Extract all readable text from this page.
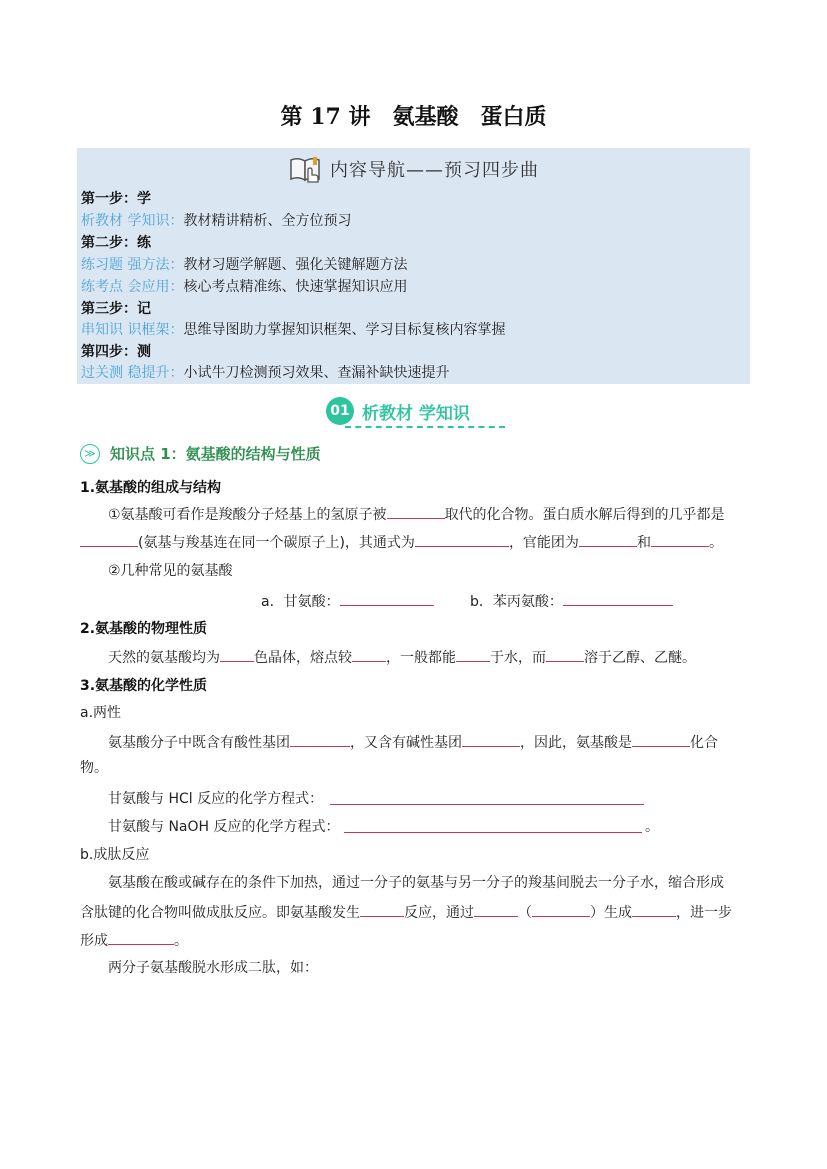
第 17 讲　氨基酸　蛋白质
内容导航——预习四步曲
第一步：学
析教材 学知识：教材精讲精析、全方位预习
第二步：练
练习题 强方法：教材习题学解题、强化关键解题方法
练考点 会应用：核心考点精准练、快速掌握知识应用
第三步：记
串知识 识框架：思维导图助力掌握知识框架、学习目标复核内容掌握
第四步：测
过关测 稳提升：小试牛刀检测预习效果、查漏补缺快速提升
01 析教材 学知识
≫ 知识点 1：氨基酸的结构与性质
1.氨基酸的组成与结构
①氨基酸可看作是羧酸分子烃基上的氢原子被	取代的化合物。蛋白质水解后得到的几乎都是
(氨基与羧基连在同一个碳原子上)，其通式为	，官能团为	和	。
②几种常见的氨基酸
a．甘氨酸：	b．苯丙氨酸：
2.氨基酸的物理性质
天然的氨基酸均为 色晶体，熔点较 ，一般都能 于水，而	溶于乙醇、乙醚。
3.氨基酸的化学性质
a.两性
氨基酸分子中既含有酸性基团	，又含有碱性基团	，因此，氨基酸是	化合
物。
甘氨酸与 HCl 反应的化学方程式：
甘氨酸与 NaOH 反应的化学方程式：	。
b.成肽反应
氨基酸在酸或碱存在的条件下加热，通过一分子的氨基与另一分子的羧基间脱去一分子水，缩合形成
含肽键的化合物叫做成肽反应。即氨基酸发生	反应，通过	（	）生成	，进一步
形成	。
两分子氨基酸脱水形成二肽，如：
